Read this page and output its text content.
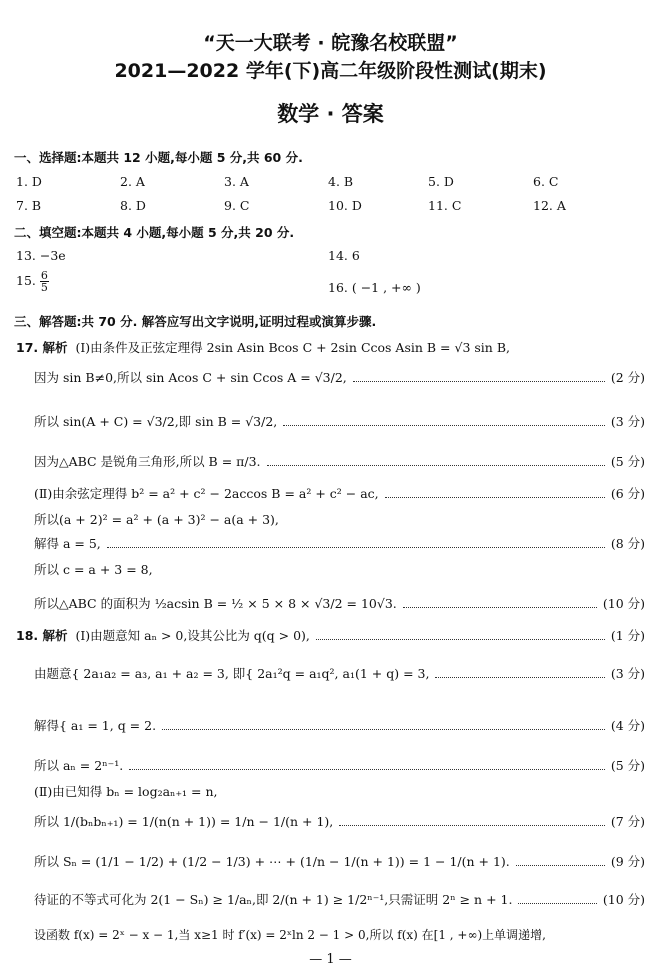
“天一大联考 · 皖豫名校联盟”
2021—2022 学年(下)高二年级阶段性测试(期末)
数学 · 答案
一、选择题:本题共 12 小题,每小题 5 分,共 60 分.
1. D	2. A	3. A	4. B	5. D	6. C
7. B	8. D	9. C	10. D	11. C	12. A
二、填空题:本题共 4 小题,每小题 5 分,共 20 分.
13. −3e	14. 6
15. $\frac{6}{5}$	16. ( −1 , +∞ )
三、解答题:共 70 分. 解答应写出文字说明,证明过程或演算步骤.
17. 解析 (Ⅰ)由条件及正弦定理得 2sin Asin Bcos C + 2sin Ccos Asin B = √3 sin B,
因为 sin B≠0,所以 sin Acos C + sin Ccos A = √3/2,	(2 分)
所以 sin(A + C) = √3/2,即 sin B = √3/2,	(3 分)
因为△ABC 是锐角三角形,所以 B = π/3.	(5 分)
(Ⅱ)由余弦定理得 b² = a² + c² − 2accos B = a² + c² − ac,	(6 分)
所以(a + 2)² = a² + (a + 3)² − a(a + 3),
解得 a = 5,	(8 分)
所以 c = a + 3 = 8,
所以△ABC 的面积为 ½acsin B = ½ × 5 × 8 × √3/2 = 10√3.	(10 分)
18. 解析
(Ⅰ)由题意知 aₙ > 0,设其公比为 q(q > 0),	(1 分)
由题意{ 2a₁a₂ = a₃, a₁ + a₂ = 3, 即{ 2a₁²q = a₁q², a₁(1 + q) = 3,	(3 分)
解得{ a₁ = 1, q = 2.	(4 分)
所以 aₙ = 2ⁿ⁻¹.	(5 分)
(Ⅱ)由已知得 bₙ = log₂aₙ₊₁ = n,
所以 1/(bₙbₙ₊₁) = 1/(n(n + 1)) = 1/n − 1/(n + 1),	(7 分)
所以 Sₙ = (1/1 − 1/2) + (1/2 − 1/3) + ⋯ + (1/n − 1/(n + 1)) = 1 − 1/(n + 1).	(9 分)
待证的不等式可化为 2(1 − Sₙ) ≥ 1/aₙ,即 2/(n + 1) ≥ 1/2ⁿ⁻¹,只需证明 2ⁿ ≥ n + 1.	(10 分)
设函数 f(x) = 2ˣ − x − 1,当 x≥1 时 f′(x) = 2ˣln 2 − 1 > 0,所以 f(x) 在[1 , +∞)上单调递增,
— 1 —
